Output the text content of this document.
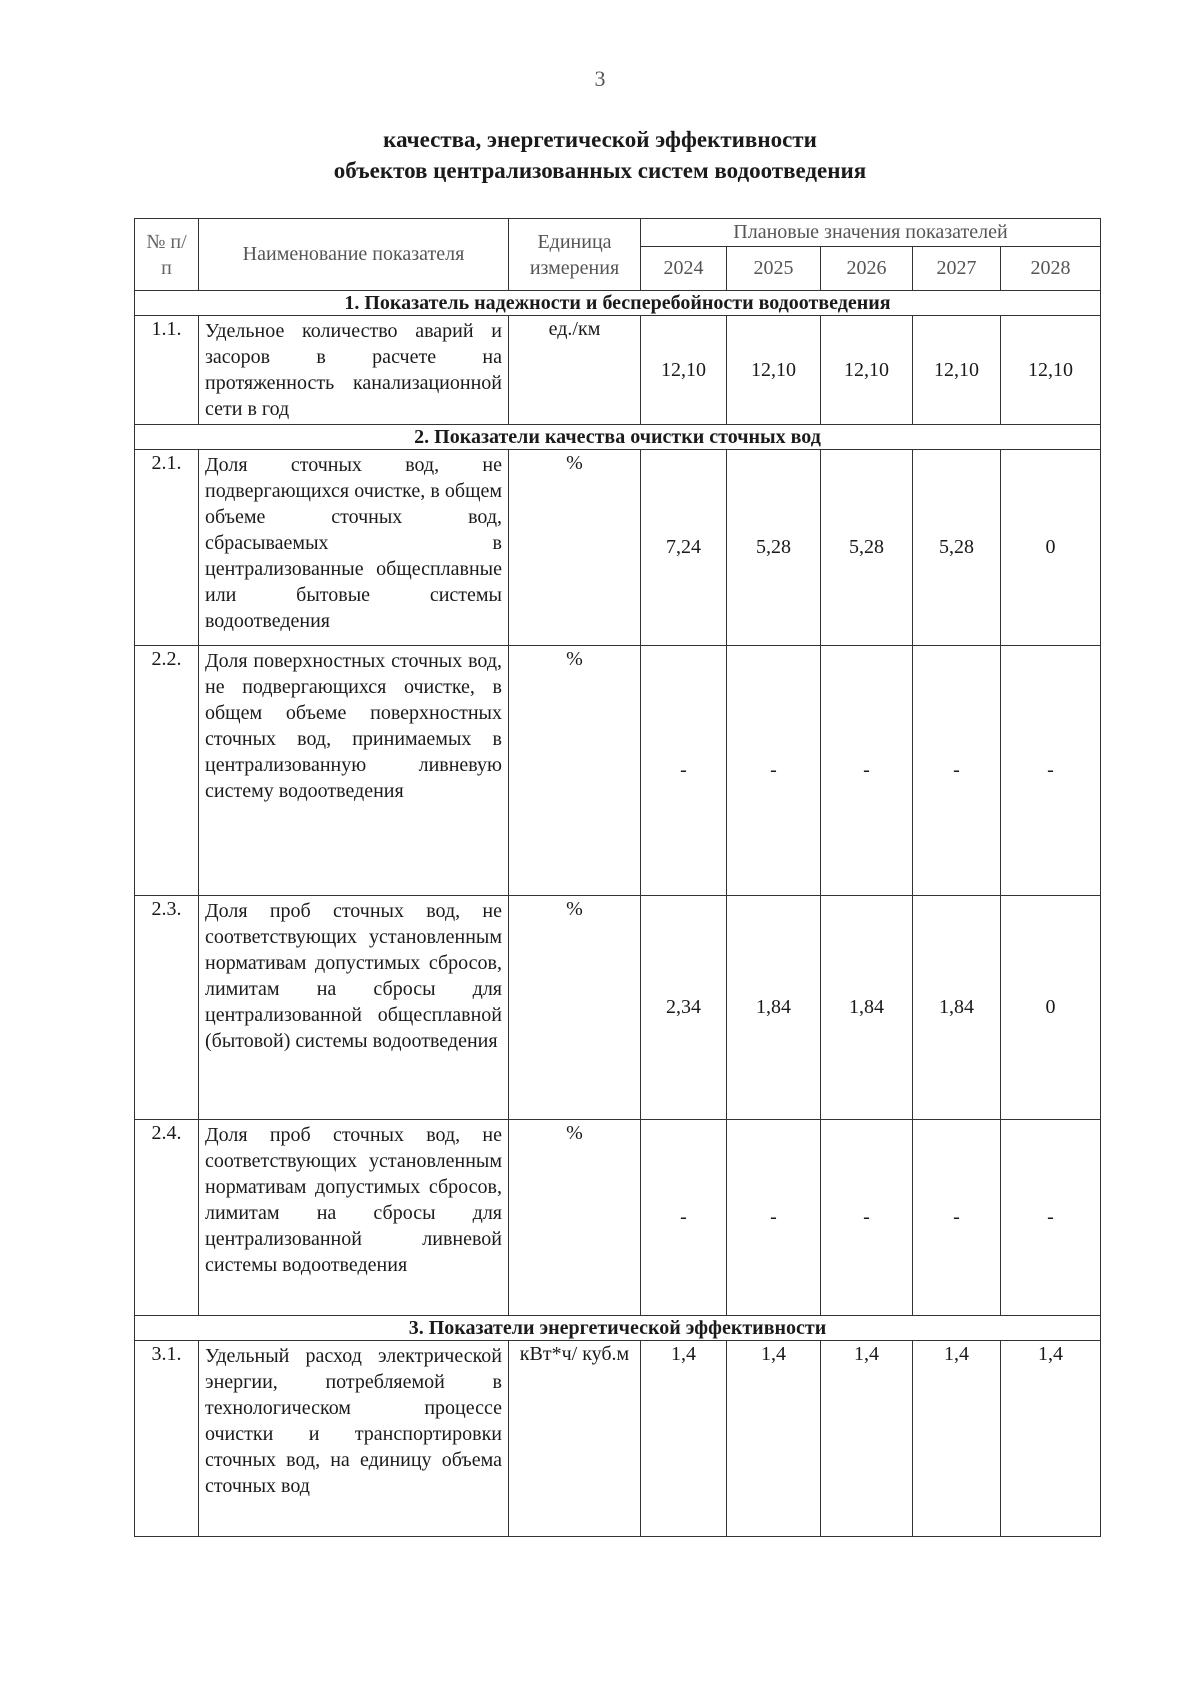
3
качества, энергетической эффективности
объектов централизованных систем водоотведения
№ п/п	Наименование показателя	Единица измерения	Плановые значения показателей				
			2024	2025	2026	2027	2028
1. Показатель надежности и бесперебойности водоотведения							
1.1.	Удельное количество аварий и засоров в расчете на протяженность канализационной сети в год	ед./км	12,10	12,10	12,10	12,10	12,10
2. Показатели качества очистки сточных вод							
2.1.	Доля сточных вод, не подвергающихся очистке, в общем объеме сточных вод, сбрасываемых в централизованные общесплавные или бытовые системы водоотведения	%	7,24	5,28	5,28	5,28	0
2.2.	Доля поверхностных сточных вод, не подвергающихся очистке, в общем объеме поверхностных сточных вод, принимаемых в централизованную ливневую систему водоотведения	%	-	-	-	-	-
2.3.	Доля проб сточных вод, не соответствующих установленным нормативам допустимых сбросов, лимитам на сбросы для централизованной общесплавной (бытовой) системы водоотведения	%	2,34	1,84	1,84	1,84	0
2.4.	Доля проб сточных вод, не соответствующих установленным нормативам допустимых сбросов, лимитам на сбросы для централизованной ливневой системы водоотведения	%	-	-	-	-	-
3. Показатели энергетической эффективности							
3.1.	Удельный расход электрической энергии, потребляемой в технологическом процессе очистки и транспортировки сточных вод, на единицу объема сточных вод	кВт*ч/ куб.м	1,4	1,4	1,4	1,4	1,4
